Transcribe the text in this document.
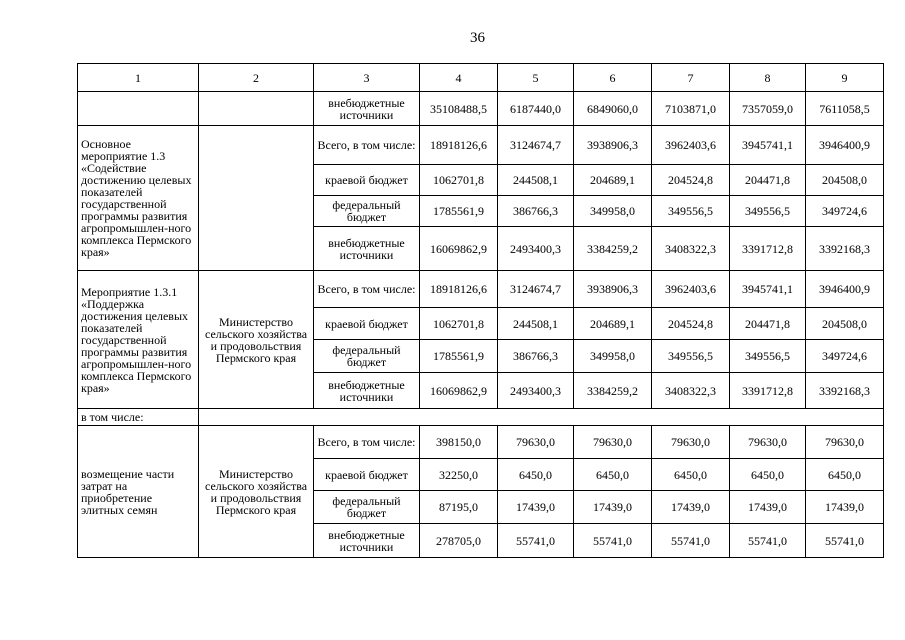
36
1	2	3	4	5	6	7	8	9
		внебюджетные источники	35108488,5	6187440,0	6849060,0	7103871,0	7357059,0	7611058,5
Основное мероприятие 1.3 «Содействие достижению целевых показателей государственной программы развития агропромышлен-ного комплекса Пермского края»		Всего, в том числе:	18918126,6	3124674,7	3938906,3	3962403,6	3945741,1	3946400,9
		краевой бюджет	1062701,8	244508,1	204689,1	204524,8	204471,8	204508,0
		федеральный бюджет	1785561,9	386766,3	349958,0	349556,5	349556,5	349724,6
		внебюджетные источники	16069862,9	2493400,3	3384259,2	3408322,3	3391712,8	3392168,3
Мероприятие 1.3.1 «Поддержка достижения целевых показателей государственной программы развития агропромышлен-ного комплекса Пермского края»	Министерство сельского хозяйства и продовольствия Пермского края	Всего, в том числе:	18918126,6	3124674,7	3938906,3	3962403,6	3945741,1	3946400,9
		краевой бюджет	1062701,8	244508,1	204689,1	204524,8	204471,8	204508,0
		федеральный бюджет	1785561,9	386766,3	349958,0	349556,5	349556,5	349724,6
		внебюджетные источники	16069862,9	2493400,3	3384259,2	3408322,3	3391712,8	3392168,3
в том числе:								
возмещение части затрат на приобретение элитных семян	Министерство сельского хозяйства и продовольствия Пермского края	Всего, в том числе:	398150,0	79630,0	79630,0	79630,0	79630,0	79630,0
		краевой бюджет	32250,0	6450,0	6450,0	6450,0	6450,0	6450,0
		федеральный бюджет	87195,0	17439,0	17439,0	17439,0	17439,0	17439,0
		внебюджетные источники	278705,0	55741,0	55741,0	55741,0	55741,0	55741,0
